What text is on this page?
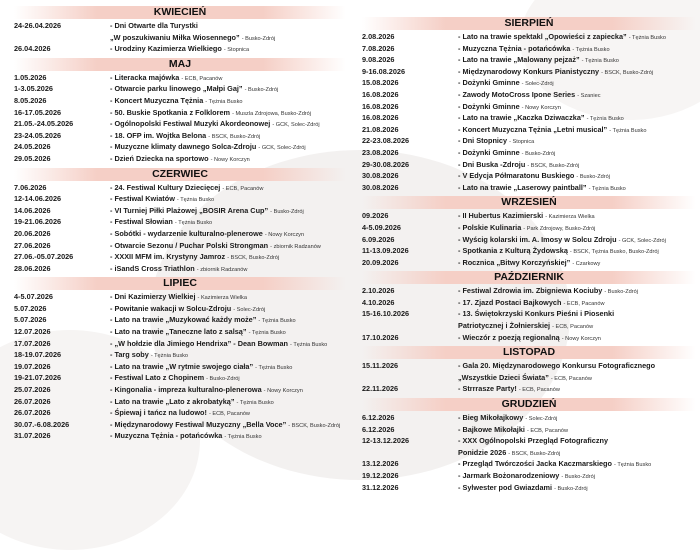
KWIECIEŃ
24-26.04.2026	- Dni Otwarte dla Turystki
„W poszukiwaniu Miłka Wiosennego” - Busko-Zdrój
26.04.2026	- Urodziny Kazimierza Wielkiego - Stopnica
MAJ
1.05.2026	- Literacka majówka - ECB, Pacanów
1-3.05.2026	- Otwarcie parku linowego „Małpi Gaj” - Busko-Zdrój
8.05.2026	- Koncert Muzyczna Tężnia - Tężnia Busko
16-17.05.2026	- 50. Buskie Spotkania z Folklorem - Muszla Zdrojowa, Busko-Zdrój
21.05.-24.05.2026	- Ogólnopolski Festiwal Muzyki Akordeonowej - GCK, Solec-Zdrój
23-24.05.2026	- 18. OFP im. Wojtka Belona - BSCK, Busko-Zdrój
24.05.2026	- Muzyczne klimaty dawnego Solca-Zdroju - GCK, Solec-Zdrój
29.05.2026	- Dzień Dziecka na sportowo - Nowy Korczyn
CZERWIEC
7.06.2026	- 24. Festiwal Kultury Dziecięcej - ECB, Pacanów
12-14.06.2026	- Festiwal Kwiatów - Tężnia Busko
14.06.2026	- VI Turniej Piłki Plażowej „BOSIR Arena Cup” - Busko-Zdrój
19-21.06.2026	- Festiwal Słowian - Tężnia Busko
20.06.2026	- Sobótki - wydarzenie kulturalno-plenerowe - Nowy Korczyn
27.06.2026	- Otwarcie Sezonu / Puchar Polski Strongman - zbiornik Radzanów
27.06.-05.07.2026	- XXXII MFM im. Krystyny Jamroz - BSCK, Busko-Zdrój
28.06.2026	- iSandS Cross Triathlon - zbiornik Radzanów
LIPIEC
4-5.07.2026	- Dni Kazimierzy Wielkiej - Kazimierza Wielka
5.07.2026	- Powitanie wakacji w Solcu-Zdroju - Solec-Zdrój
5.07.2026	- Lato na trawie „Muzykować każdy może” - Tężnia Busko
12.07.2026	- Lato na trawie „Taneczne lato z salsą” - Tężnia Busko
17.07.2026	- „W hołdzie dla Jimiego Hendrixa” - Dean Bowman - Tężnia Busko
18-19.07.2026	- Targ soby - Tężnia Busko
19.07.2026	- Lato na trawie „W rytmie swojego ciała” - Tężnia Busko
19-21.07.2026	- Festiwal Lato z Chopinem - Busko-Zdrój
25.07.2026	- Kingonalia - impreza kulturalno-plenerowa - Nowy Korczyn
26.07.2026	- Lato na trawie „Lato z akrobatyką” - Tężnia Busko
26.07.2026	- Śpiewaj i tańcz na ludowo! - ECB, Pacanów
30.07.-6.08.2026	- Międzynarodowy Festiwal Muzyczny „Bella Voce” - BSCK, Busko-Zdrój
31.07.2026	- Muzyczna Tężnia - potańcówka - Tężnia Busko
SIERPIEŃ
2.08.2026	- Lato na trawie spektakl „Opowieści z zapiecka” - Tężnia Busko
7.08.2026	- Muzyczna Tężnia - potańcówka - Tężnia Busko
9.08.2026	- Lato na trawie „Malowany pejzaż” - Tężnia Busko
9-16.08.2026	- Międzynarodowy Konkurs Pianistyczny - BSCK, Busko-Zdrój
15.08.2026	- Dożynki Gminne - Solec-Zdrój
16.08.2026	- Zawody MotoCross Ipone Series - Szaniec
16.08.2026	- Dożynki Gminne - Nowy Korczyn
16.08.2026	- Lato na trawie „Kaczka Dziwaczka” - Tężnia Busko
21.08.2026	- Koncert Muzyczna Tężnia „Letni musical” - Tężnia Busko
22-23.08.2026	- Dni Stopnicy - Stopnica
23.08.2026	- Dożynki Gminne - Busko-Zdrój
29-30.08.2026	- Dni Buska -Zdroju - BSCK, Busko-Zdrój
30.08.2026	- V Edycja Półmaratonu Buskiego - Busko-Zdrój
30.08.2026	- Lato na trawie „Laserowy paintball” - Tężnia Busko
WRZESIEŃ
09.2026	- II Hubertus Kazimierski - Kazimierza Wielka
4-5.09.2026	- Polskie Kulinaria - Park Zdrojowy, Busko-Zdrój
6.09.2026	- Wyścig kolarski im. A. Imosy w Solcu Zdroju - GCK, Solec-Zdrój
11-13.09.2026	- Spotkania z Kulturą Żydowską - BSCK, Tężnia Busko, Busko-Zdrój
20.09.2026	- Rocznica „Bitwy Korczyńskiej” - Czarkowy
PAŹDZIERNIK
2.10.2026	- Festiwal Zdrowia im. Zbigniewa Kociuby - Busko-Zdrój
4.10.2026	- 17. Zjazd Postaci Bajkowych - ECB, Pacanów
15-16.10.2026	- 13. Świętokrzyski Konkurs Pieśni i Piosenki
Patriotycznej i Żołnierskiej - ECB, Pacanów
17.10.2026	- Wieczór z poezją regionalną - Nowy Korczyn
LISTOPAD
15.11.2026	- Gala 20. Międzynarodowego Konkursu Fotograficznego
„Wszystkie Dzieci Świata” - ECB, Pacanów
22.11.2026	- Strrrasze Party! - ECB, Pacanów
GRUDZIEŃ
6.12.2026	- Bieg Mikołajkowy - Solec-Zdrój
6.12.2026	- Bajkowe Mikołajki - ECB, Pacanów
12-13.12.2026	- XXX Ogólnopolski Przegląd Fotograficzny
Ponidzie 2026 - BSCK, Busko-Zdrój
13.12.2026	- Przegląd Twórczości Jacka Kaczmarskiego - Tężnia Busko
19.12.2026	- Jarmark Bożonarodzeniowy - Busko-Zdrój
31.12.2026	- Sylwester pod Gwiazdami - Busko-Zdrój
